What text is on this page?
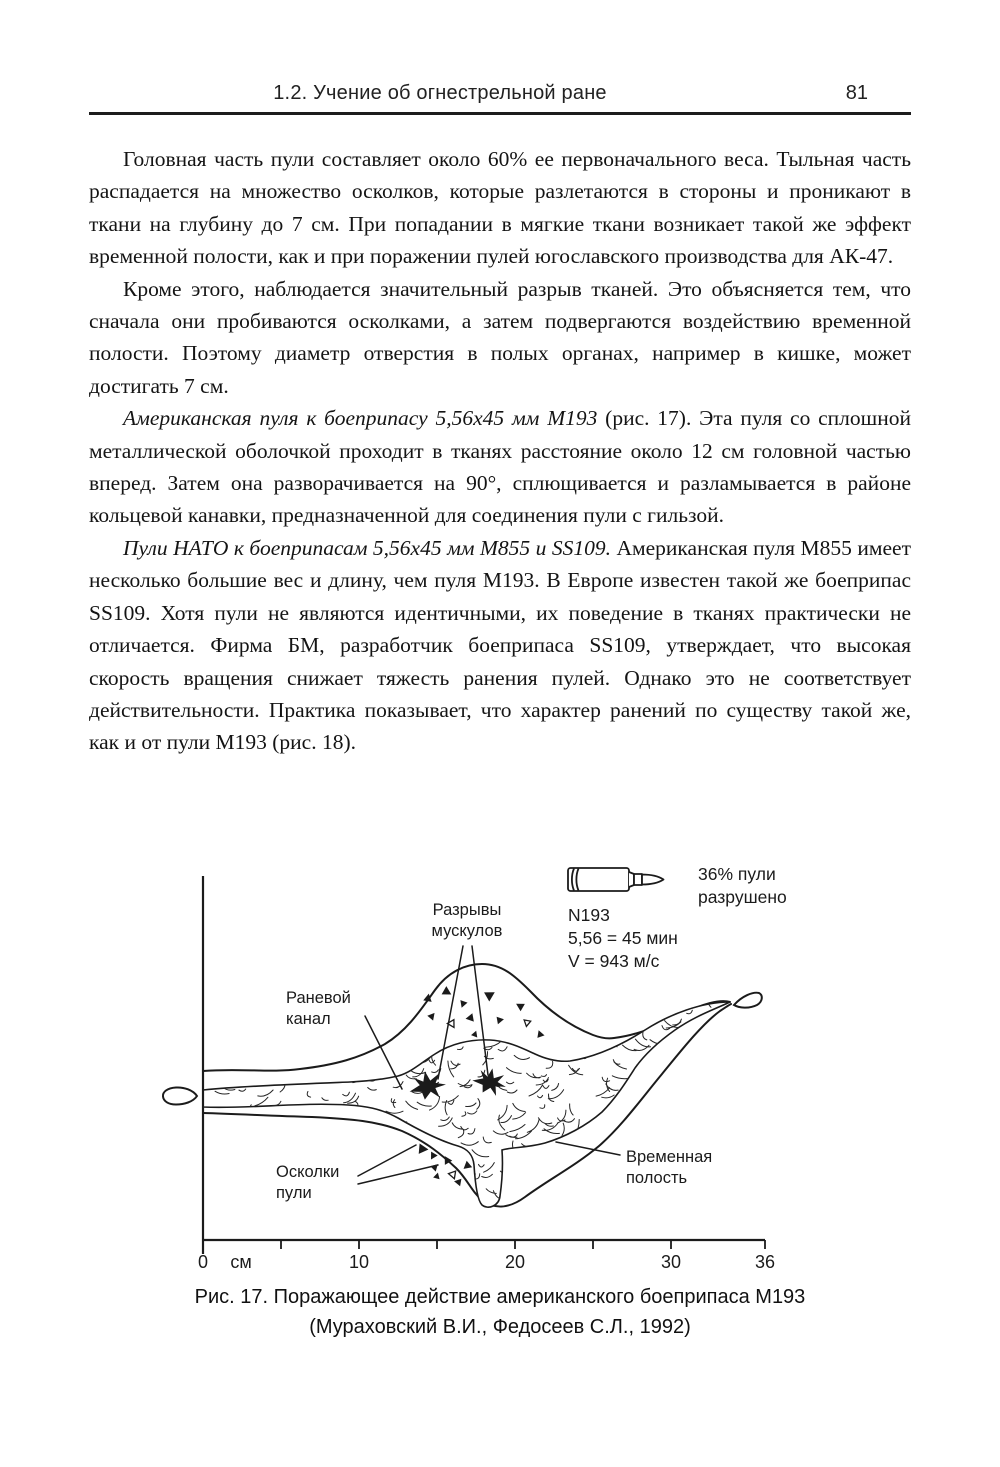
1.2. Учение об огнестрельной ране	81

Головная часть пули составляет около 60% ее первоначального веса. Тыльная часть распадается на множество осколков, которые разлетаются в стороны и проникают в ткани на глубину до 7 см. При попадании в мягкие ткани возникает такой же эффект временной полости, как и при поражении пулей югославского производства для АК-47.

Кроме этого, наблюдается значительный разрыв тканей. Это объясняется тем, что сначала они пробиваются осколками, а затем подвергаются воздействию временной полости. Поэтому диаметр отверстия в полых органах, например в кишке, может достигать 7 см.

Американская пуля к боеприпасу 5,56х45 мм М193 (рис. 17). Эта пуля со сплошной металлической оболочкой проходит в тканях расстояние около 12 см головной частью вперед. Затем она разворачивается на 90°, сплющивается и разламывается в районе кольцевой канавки, предназначенной для соединения пули с гильзой.

Пули НАТО к боеприпасам 5,56х45 мм М855 и SS109. Американская пуля М855 имеет несколько большие вес и длину, чем пуля М193. В Европе известен такой же боеприпас SS109. Хотя пули не являются идентичными, их поведение в тканях практически не отличается. Фирма БМ, разработчик боеприпаса SS109, утверждает, что высокая скорость вращения снижает тяжесть ранения пулей. Однако это не соответствует действительности. Практика показывает, что характер ранений по существу такой же, как и от пули М193 (рис. 18).

0 см	10	20	30	36
36% пули разрушено
N193
5,56 = 45 мин
V = 943 м/с
Разрывы мускулов
Раневой канал
Осколки пули
Временная полость
Рис. 17. Поражающее действие американского боеприпаса М193
(Мураховский В.И., Федосеев С.Л., 1992)
